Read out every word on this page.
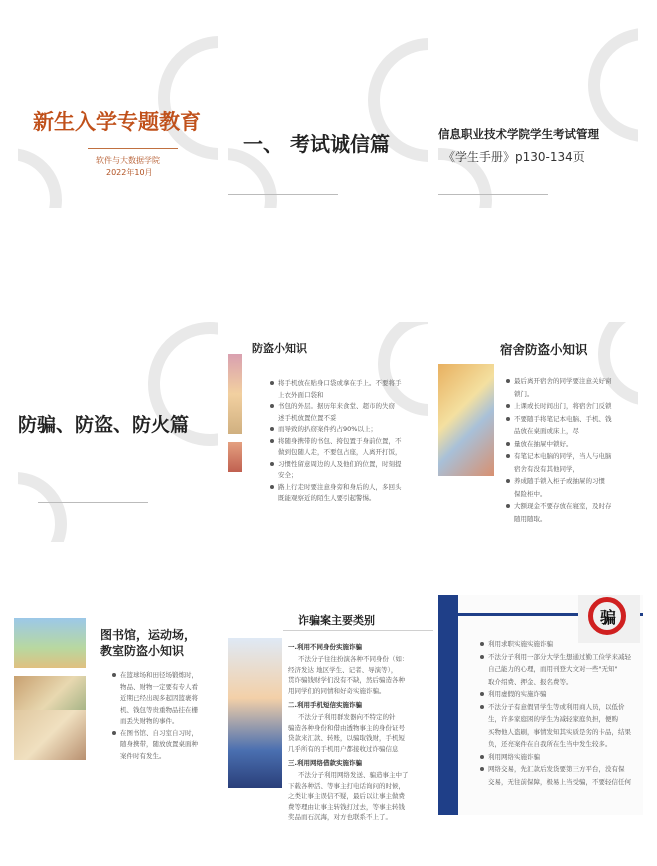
新生入学专题教育
软件与大数据学院
2022年10月
一、 考试诚信篇	信息职业技术学院学生考试管理
《学生手册》p130-134页
防骗、防盗、防火篇
防盗小知识
将手机放在贴身口袋或拿在手上。不要将手
上衣外面口袋和
书包的外层。据历年来食堂、超市的失窃
述手机放置位置不妥
而导致的扒窃案件约占90%以上；
将随身携带的书包、挎包置于身前位置，不
做到包随人走，不要包占座，人离开打饭，
习惯性留意周边的人及他们的位置，时刻提
安全；
路上行走时要注意身旁和身后的人，多回头
既能观察近的陌生人要引起警惕。
宿舍防盗小知识
最后离开宿舍的同学要注意关好窗
锁门。
上课或长时间出门，将宿舍门反锁
不要随手将笔记本电脑、手机、钱
品放在桌面或床上，尽
量放在抽屉中锁好。
有笔记本电脑的同学，当人与电脑
宿舍有没有其他同学，
养成随手锁入柜子或抽屉的习惯
保险柜中。
大额现金不要存放在寝室，及时存
随用随取。
图书馆，运动场，
教室防盗小知识
在篮球场和田径场锻炼时，
物品、财物一定要有专人看
近期已经出现多起因篮裹将
机、钱包等贵重物品挂在栅
而丢失财物的事件。
在图书馆、自习室自习时，
随身携带，随放放置桌面种
案件时有发生。
诈骗案主要类别
一.利用不同身份实施诈骗
不法分子往往扮演各种不同身份（如：
经济发达 地区学生、记者、导演等），
贯诈骗钱财学们没有不缺，然后骗造各种
用同学们的同情和好奇实施诈骗。
二.利用手机短信实施诈骗
不法分子利用群发器向不特定的针
骗造各种身份和借由透物事主的身份证号
贷款来汇款、转账，以骗取钱财，手机短
几乎所有的手机用户都接收过诈骗信息
三.利用网络借款实施诈骗
不法分子利用网络发送、骗造事主中了
下载各种活、等事主打电话询问的时候，
之类让事主误信不疑，最后以让事主做费
费等理由让事主转钱打过去，等事主转钱
奖品而石沉海，对方也联系不上了。
骗
利用求职实施实施诈骗
不法分子利用一部分大学生想通过勤工俭学来减轻
自己能力的心理，而用刊登大文对一些"无知"
取介绍费、押金、报名费等。
利用虚假的实施诈骗
不法分子有意假冒学生等或利用商人员，以低价
生，许多家庭困的学生为减轻家庭负担，便购
买物他人盗刷，事情发知其实质是劣的卡品，结果
负，还亮案件在自我所在生当中发生较多。
利用网络实施诈骗
网络交易，先汇款后发货要第三方平台，没有保
交易，无往前保障，极易上当受骗，不要轻信任何
